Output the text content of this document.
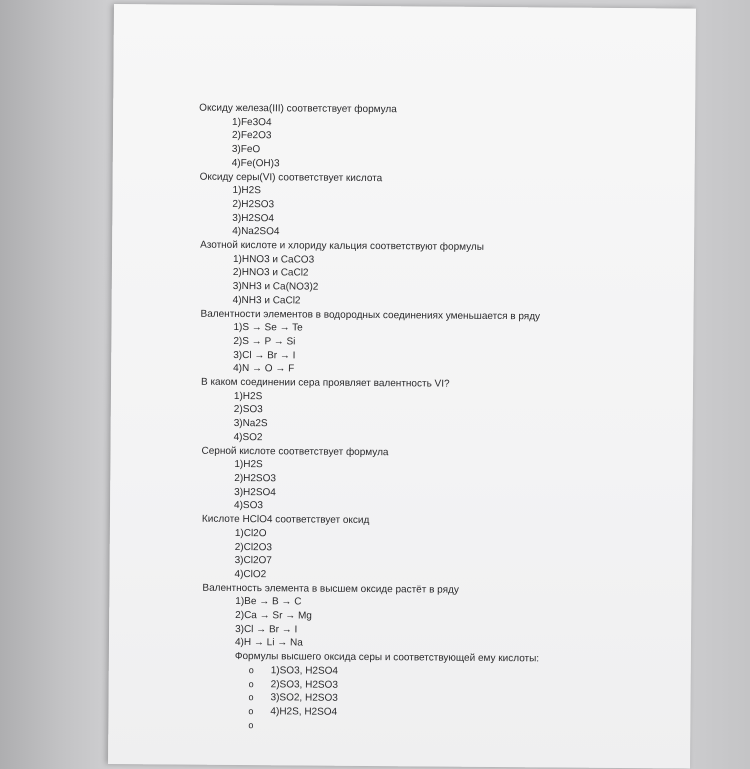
Оксиду железа(III) соответствует формула
1)Fe3O4
2)Fe2O3
3)FeO
4)Fe(OH)3
Оксиду серы(VI) соответствует кислота
1)H2S
2)H2SO3
3)H2SO4
4)Na2SO4
Азотной кислоте и хлориду кальция соответствуют формулы
1)HNO3 и CaCO3
2)HNO3 и CaCl2
3)NH3 и Ca(NO3)2
4)NH3 и CaCl2
Валентности элементов в водородных соединениях уменьшается в ряду
1)S → Se → Te
2)S → P → Si
3)Cl → Br → I
4)N → O → F
В каком соединении сера проявляет валентность VI?
1)H2S
2)SO3
3)Na2S
4)SO2
Серной кислоте соответствует формула
1)H2S
2)H2SO3
3)H2SO4
4)SO3
Кислоте HClO4 соответствует оксид
1)Cl2O
2)Cl2O3
3)Cl2O7
4)ClO2
Валентность элемента в высшем оксиде растёт в ряду
1)Be → B → C
2)Ca → Sr → Mg
3)Cl → Br → I
4)H → Li → Na
Формулы высшего оксида серы и соответствующей ему кислоты:
o 1)SO3, H2SO4
o 2)SO3, H2SO3
o 3)SO2, H2SO3
o 4)H2S, H2SO4
o
